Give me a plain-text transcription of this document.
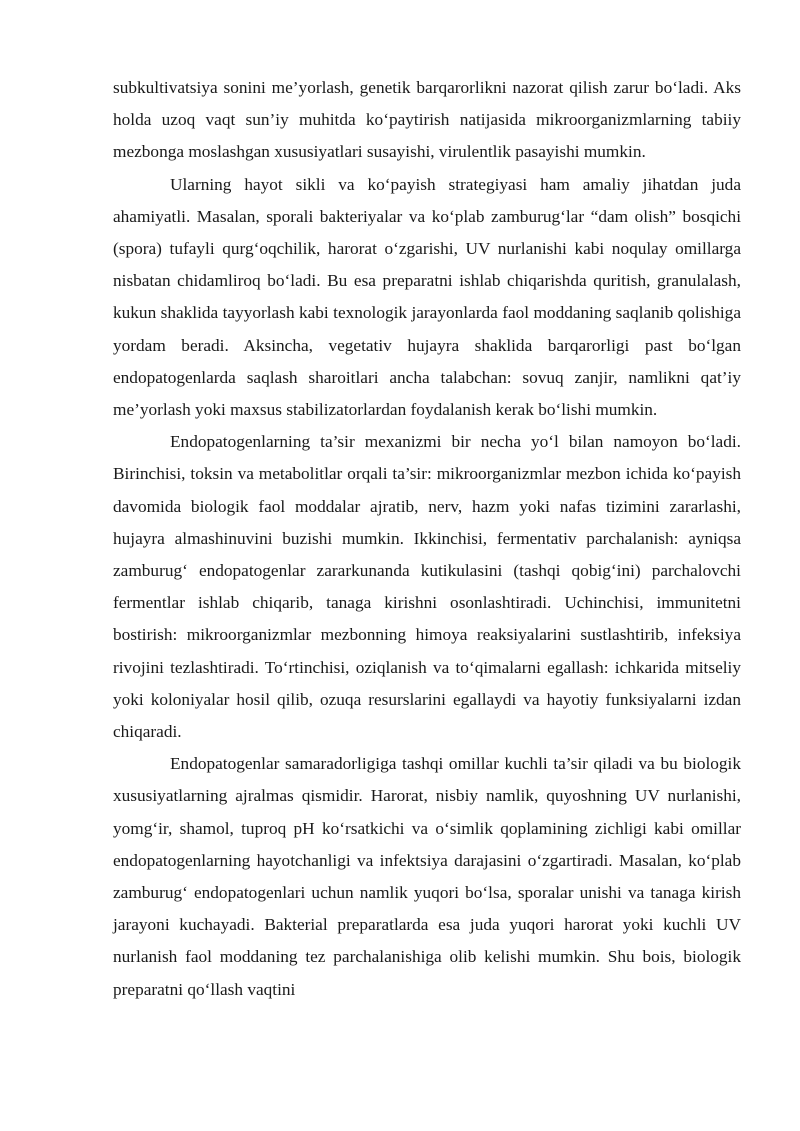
subkultivatsiya sonini me’yorlash, genetik barqarorlikni nazorat qilish zarur bo‘ladi. Aks holda uzoq vaqt sun’iy muhitda ko‘paytirish natijasida mikroorganizmlarning tabiiy mezbonga moslashgan xususiyatlari susayishi, virulentlik pasayishi mumkin.

Ularning hayot sikli va ko‘payish strategiyasi ham amaliy jihatdan juda ahamiyatli. Masalan, sporali bakteriyalar va ko‘plab zamburug‘lar “dam olish” bosqichi (spora) tufayli qurg‘oqchilik, harorat o‘zgarishi, UV nurlanishi kabi noqulay omillarga nisbatan chidamliroq bo‘ladi. Bu esa preparatni ishlab chiqarishda quritish, granulalash, kukun shaklida tayyorlash kabi texnologik jarayonlarda faol moddaning saqlanib qolishiga yordam beradi. Aksincha, vegetativ hujayra shaklida barqarorligi past bo‘lgan endopatogenlarda saqlash sharoitlari ancha talabchan: sovuq zanjir, namlikni qat’iy me’yorlash yoki maxsus stabilizatorlardan foydalanish kerak bo‘lishi mumkin.

Endopatogenlarning ta’sir mexanizmi bir necha yo‘l bilan namoyon bo‘ladi. Birinchisi, toksin va metabolitlar orqali ta’sir: mikroorganizmlar mezbon ichida ko‘payish davomida biologik faol moddalar ajratib, nerv, hazm yoki nafas tizimini zararlashi, hujayra almashinuvini buzishi mumkin. Ikkinchisi, fermentativ parchalanish: ayniqsa zamburug‘ endopatogenlar zararkunanda kutikulasini (tashqi qobig‘ini) parchalovchi fermentlar ishlab chiqarib, tanaga kirishni osonlashtiradi. Uchinchisi, immunitetni bostirish: mikroorganizmlar mezbonning himoya reaksiyalarini sustlashtirib, infeksiya rivojini tezlashtiradi. To‘rtinchisi, oziqlanish va to‘qimalarni egallash: ichkarida mitseliy yoki koloniyalar hosil qilib, ozuqa resurslarini egallaydi va hayotiy funksiyalarni izdan chiqaradi.

Endopatogenlar samaradorligiga tashqi omillar kuchli ta’sir qiladi va bu biologik xususiyatlarning ajralmas qismidir. Harorat, nisbiy namlik, quyoshning UV nurlanishi, yomg‘ir, shamol, tuproq pH ko‘rsatkichi va o‘simlik qoplamining zichligi kabi omillar endopatogenlarning hayotchanligi va infektsiya darajasini o‘zgartiradi. Masalan, ko‘plab zamburug‘ endopatogenlari uchun namlik yuqori bo‘lsa, sporalar unishi va tanaga kirish jarayoni kuchayadi. Bakterial preparatlarda esa juda yuqori harorat yoki kuchli UV nurlanish faol moddaning tez parchalanishiga olib kelishi mumkin. Shu bois, biologik preparatni qo‘llash vaqtini
